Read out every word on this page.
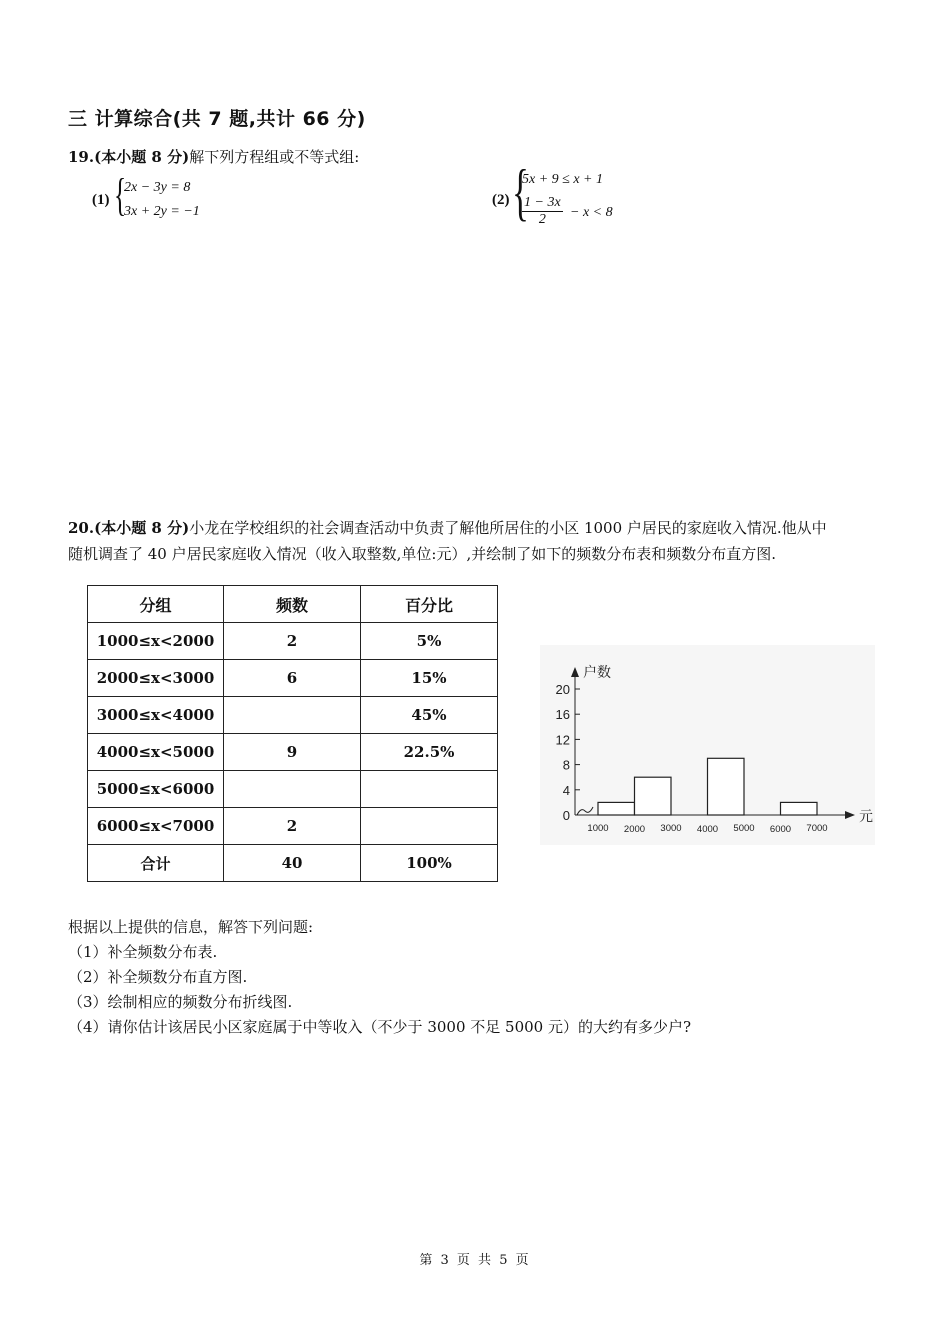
三 计算综合(共 7 题,共计 66 分)
19.(本小题 8 分)解下列方程组或不等式组:
(1) {
2x − 3y = 8
3x + 2y = −1
(2) {
5x + 9 ≤ x + 1
$\frac{1 - 3x}{2} - x < 8$
20.(本小题 8 分)小龙在学校组织的社会调查活动中负责了解他所居住的小区 1000 户居民的家庭收入情况.他从中
随机调查了 40 户居民家庭收入情况（收入取整数,单位:元）,并绘制了如下的频数分布表和频数分布直方图.
分组	频数	百分比
1000≤x<2000	2	5%
2000≤x<3000	6	15%
3000≤x<4000		45%
4000≤x<5000	9	22.5%
5000≤x<6000		
6000≤x<7000	2	
合计	40	100%
0
4
8
12
16
20
户数
元
1000 2000 3000 4000 5000 6000 7000
根据以上提供的信息，解答下列问题:
（1）补全频数分布表.
（2）补全频数分布直方图.
（3）绘制相应的频数分布折线图.
（4）请你估计该居民小区家庭属于中等收入（不少于 3000 不足 5000 元）的大约有多少户?
第 3 页 共 5 页
